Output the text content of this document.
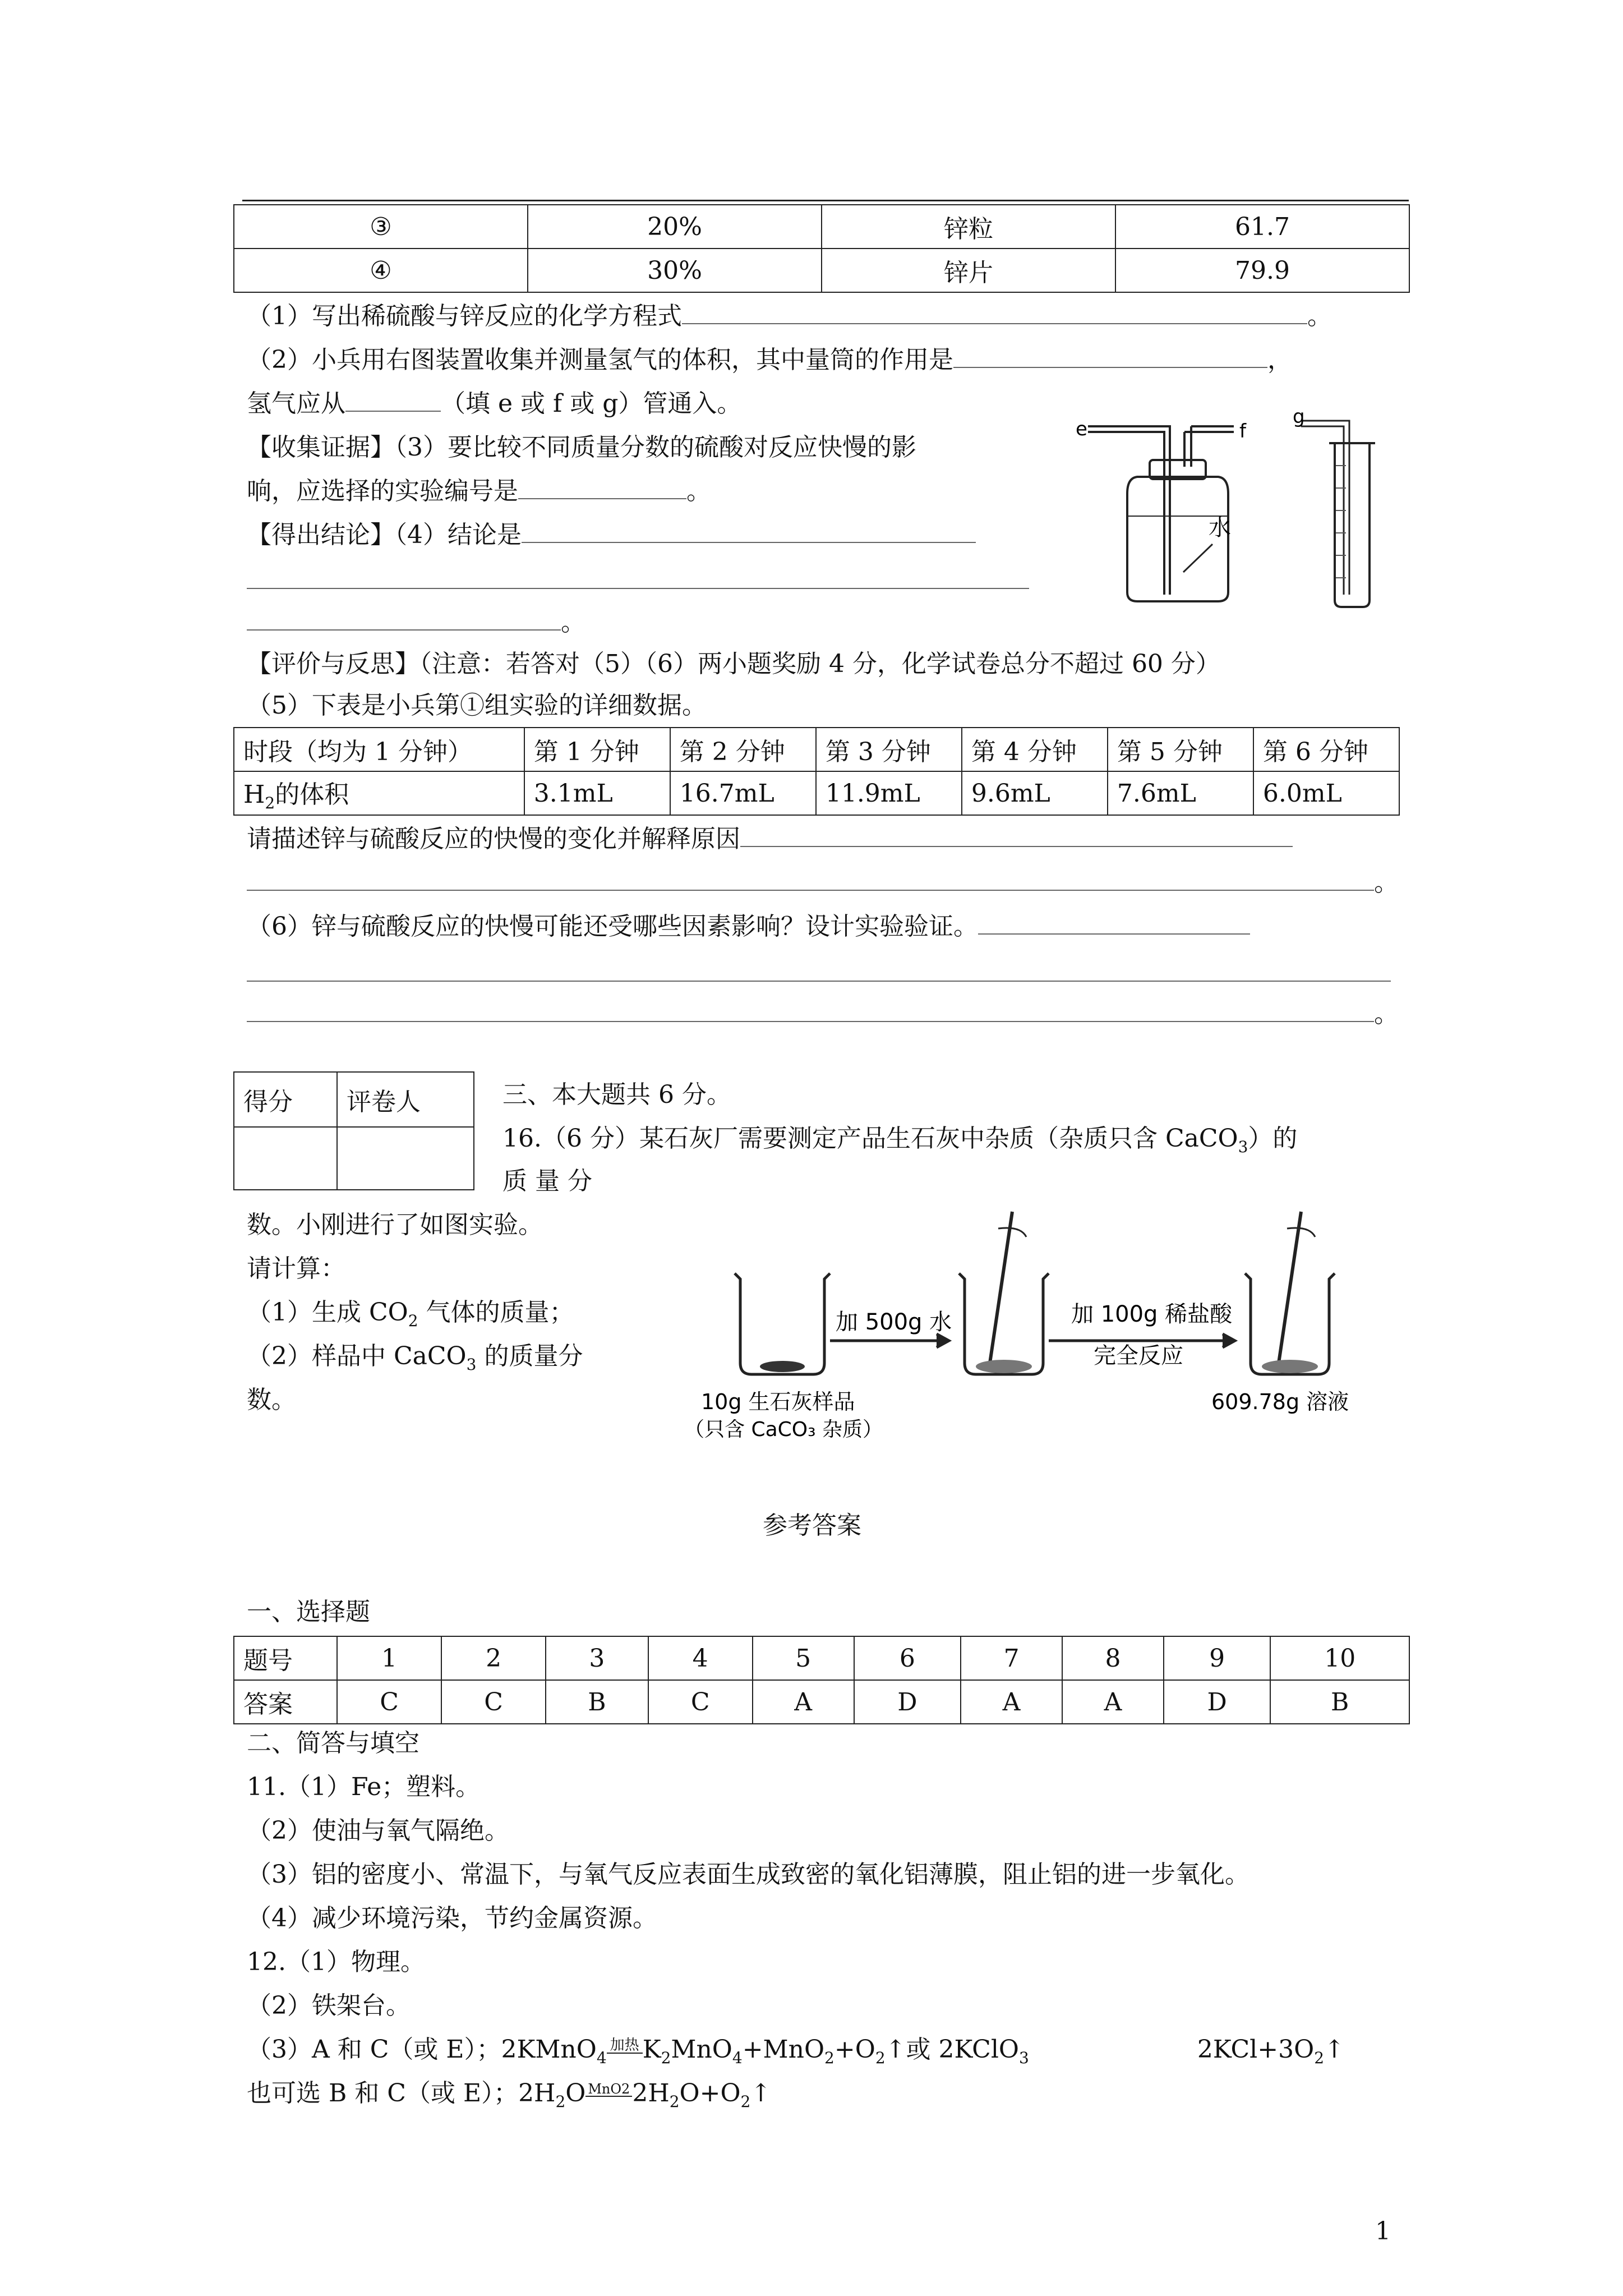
③	20%	锌粒	61.7
④	30%	锌片	79.9
（1）写出稀硫酸与锌反应的化学方程式	。
（2）小兵用右图装置收集并测量氢气的体积，其中量筒的作用是	，
氢气应从	（填 e 或 f 或 g）管通入。
【收集证据】（3）要比较不同质量分数的硫酸对反应快慢的影
响，应选择的实验编号是	。
【得出结论】（4）结论是
。
e	f
g
水
【评价与反思】（注意：若答对（5）（6）两小题奖励 4 分，化学试卷总分不超过 60 分）
（5）下表是小兵第①组实验的详细数据。
时段（均为 1 分钟）	第 1 分钟	第 2 分钟	第 3 分钟	第 4 分钟	第 5 分钟	第 6 分钟
$H_2$的体积	3.1mL	16.7mL	11.9mL	9.6mL	7.6mL	6.0mL
请描述锌与硫酸反应的快慢的变化并解释原因
。
（6）锌与硫酸反应的快慢可能还受哪些因素影响？设计实验验证。
。
得分	评卷人
		三、本大题共 6 分。
16.（6 分）某石灰厂需要测定产品生石灰中杂质（杂质只含 CaCO$_3$）的
质 量 分
数。小刚进行了如图实验。
请计算：
（1）生成 $CO_2$ 气体的质量；
（2）样品中 CaCO$_3$ 的质量分
数。
加 500g 水	加 100g 稀盐酸
完全反应
10g 生石灰样品
（只含 CaCO₃ 杂质）
609.78g 溶液
参考答案
一、选择题
题号	1	2	3	4	5	6	7	8	9	10
答案	C	C	B	C	A	D	A	A	D	B
二、简答与填空
11.（1）Fe；塑料。
（2）使油与氧气隔绝。
（3）铝的密度小、常温下，与氧气反应表面生成致密的氧化铝薄膜，阻止铝的进一步氧化。
（4）减少环境污染，节约金属资源。
12.（1）物理。
（2）铁架台。
（3）A 和 C（或 E）；2KMnO$_4$加热 $K_2MnO_4+MnO_2+O_2↑$或 2KClO$_3$	$2KCl+3O_2↑$
也可选 B 和 C（或 E）；$2H_2O$ $MnO22H_2O+O_2↑$
1
